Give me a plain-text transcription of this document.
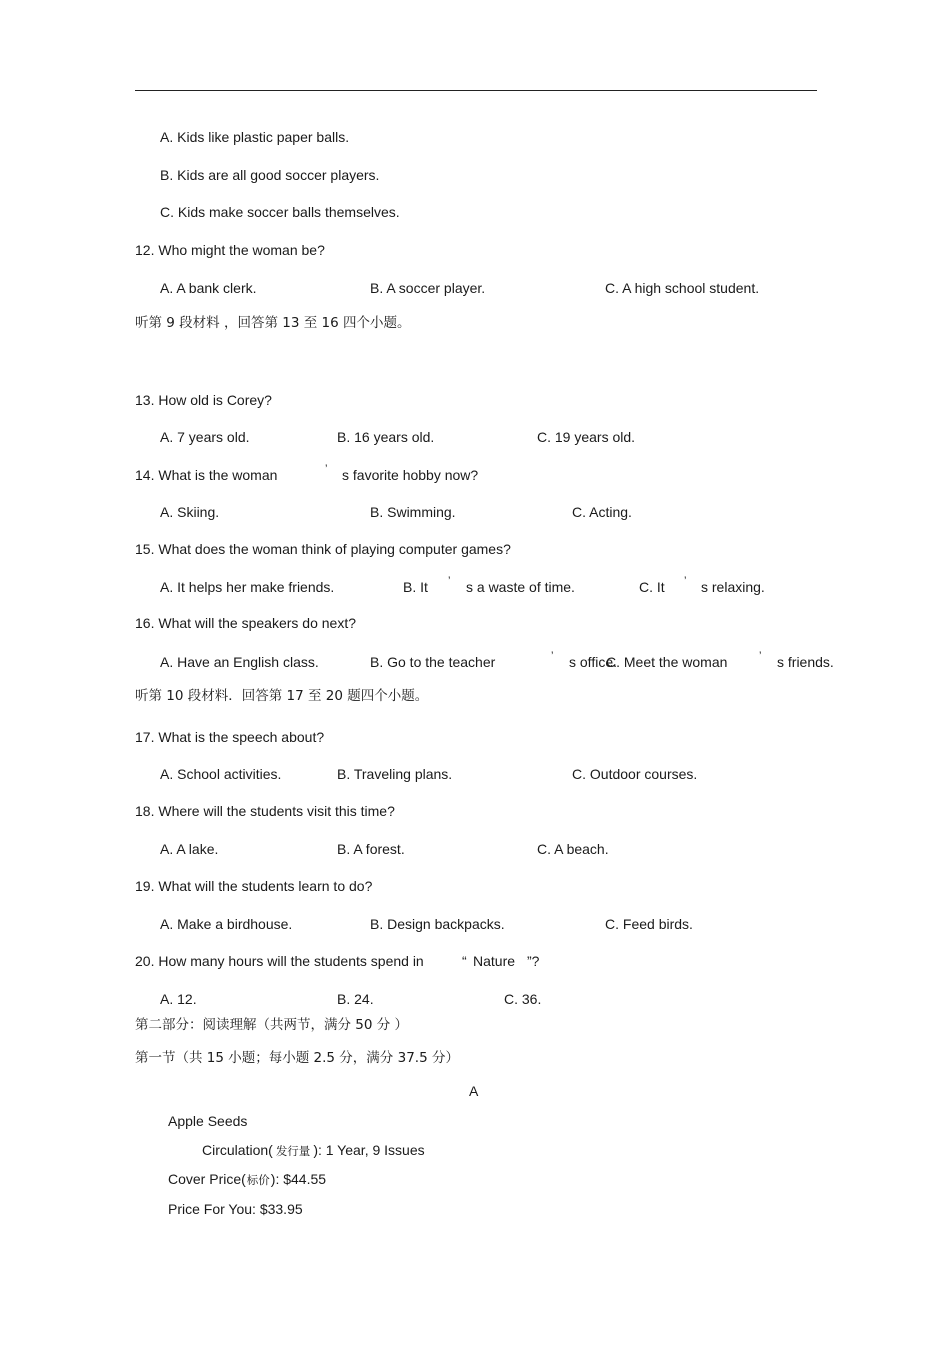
A. Kids like plastic paper balls.
B. Kids are all good soccer players.
C. Kids make soccer balls themselves.
12. Who might the woman be?
A. A bank clerk.	B. A soccer player.	C. A high school student.
听第 9 段材料 ，回答第 13 至 16 四个小题。
13. How old is Corey?
A. 7 years old.	B. 16 years old.	C. 19 years old.
14. What is the woman	’ s favorite hobby now?
A. Skiing.	B. Swimming.	C. Acting.
15. What does the woman think of playing computer games?
A. It helps her make friends.	B. It ’ s a waste of time.	C. It ’ s relaxing.
16. What will the speakers do next?
A. Have an English class.	B. Go to the teacher	’ s office.
C. Meet the woman	’ s friends.
听第 10 段材料．回答第 17 至 20 题四个小题。
17. What is the speech about?
A. School activities.	B. Traveling plans.	C. Outdoor courses.
18. Where will the students visit this time?
A. A lake.	B. A forest.	C. A beach.
19. What will the students learn to do?
A. Make a birdhouse.	B. Design backpacks.	C. Feed birds.
20. How many hours will the students spend in	“ Nature ”?
A. 12.	B. 24.	C. 36.
第二部分：阅读理解（共两节，满分 50 分 ）
第一节（共 15 小题；每小题 2.5 分，满分 37.5 分）
A
Apple Seeds
Circulation( 发行量 ): 1 Year, 9 Issues
Cover Price(标价): $44.55
Price For You: $33.95
